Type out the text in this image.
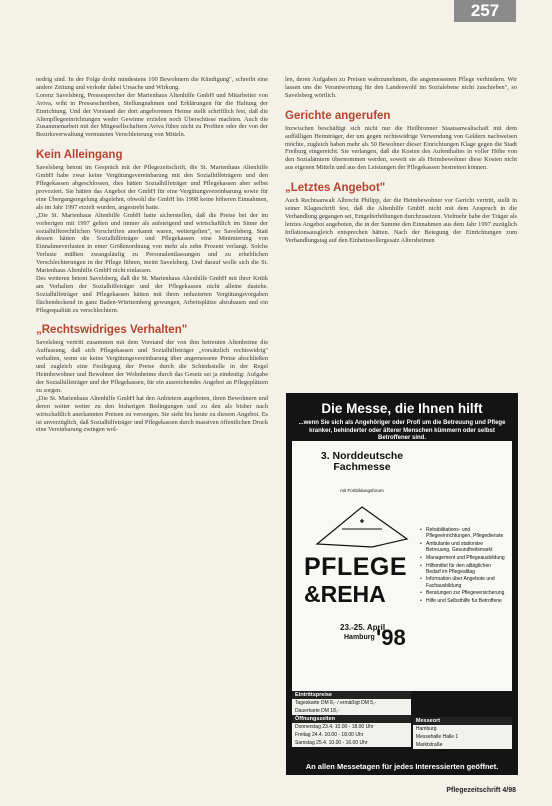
257

nedrig sind. In der Folge droht mindestens 100 Bewohnern die Kündigung", schreibt eine andere Zeitung und verkohr dabei Ursache und Wirkung.

Lorenz Savelsberg, Pressesprecher der Marienhaus Altenhilfe GmbH und Mitarbeiter von Aviva, wiht in Presseschreiben, Stellungnahmen und Erklärungen für die Haltung der Einrichtung. Und der Vorstand der dort angeborenen Heime stellt schriftlich fest, daß die Altenpflegeeinrichtungen weder Gewinne erzielen noch Überschüsse machten. Auch die Zusammenarbeit mit der Mitgesellschaftern Aviva führe nicht zu Profiten oder der von der Bezirksverwaltung vermuteten Verschleierung von Mitteln.

Kein Alleingang

Savelsberg betont im Gespräch mit der Pflegezeitschrift, die St. Marienhaus Altenhilfe GmbH habe zwar keine Vergütungsvereinbarung mit den Sozialhilfeträgern und den Pflegekassen abgeschlossen, dies hätten Sozialhilfeträger und Pflegekassen aber selbst provoziert. Sie hätten das Angebot der GmbH für eine Vergütungsvereinbarung sowie für eine Übergangsregelung abgelehnt, obwohl die GmbH bis 1998 keine höheren Einnahmen, als im Jahr 1997 erzielt wurden, angestrebt hatte.

„Die St. Marienhaus Altenhilfe GmbH hatte sicherstellen, daß die Preise bei der im vorherigen mit 1997 gelten und immer als aufsteigend und wirtschaftlich im Sinne der sozialhilferechtlichen Vorschriften anerkannt waren, weitergelten", so Savelsberg. Statt dessen hätten die Sozialhilfeträger und Pflegekassen eine Minimierung von Einnahmeverlusten in einer Größenordnung von mehr als zehn Prozent verlangt. Solche Verluste müßten zwangsläufig zu Personalentlassungen und zu erheblichen Verschlechterungen in der Pflege führen, meint Savelsberg. Und darauf wolle sich die St. Marienhaus Altenhilfe GmbH nicht einlassen.

Des weiteren betont Savelsberg, daß die St. Marienhaus Altenhilfe GmbH mit ihrer Kritik am Verhalten der Sozialhilfeträger und der Pflegekassen nicht alleine dastehe. Sozialhilfeträger und Pflegekassen hätten mit ihren reduzierten Vergütungsvorgaben flächendeckend in ganz Baden-Württemberg gewungen, Arbeitsplätze abzubauen und ein Pflegequalität zu verschlechtern.

„Rechtswidriges Verhalten"

Savelsberg vertritt zusammen mit dem Vorstand der von ihm betreuten Altenheime die Auffassung, daß sich Pflegekassen und Sozialhilfeträger „vorsätzlich rechtswidrig" verhalten, wenn sie keine Vergütungsvereinbarung über angemessene Preise abschließen und zugleich eine Festlegung der Preise durch die Schiedsstelle in der Regel Heimbewohner und Bewohner der Wohnheime durch das Gesetz sei ja eindeutig: Aufgabe der Sozialhilfeträger und der Pflegekassen, für ein ausreichendes Angebot an Pflegeplätzen zu sorgen.

„Die St. Marienhaus Altenhilfe GmbH hat den Anbietern angeboten, ihren Bewohnern und deren weiter weiter zu den bisherigen Bedingungen und zu den als bisher nach wirtschaftlich anerkannten Preisen zu versorgen. Sie sieht bis heute zu diesem Angebot. Es ist unverzüglich, daß Sozialhilfeträger und Pflegekassen durch massiven öffentlichen Druck eine Vereinbarung zwingen wol-

len, deren Aufgaben zu Preisen wahrzunehmen, die angemessenen Pflege verhindern. Wir lassen uns die Verantwortung für den Landeswohl im Sozialebene nicht zuschieben", so Savelsberg wörtlich.

Gerichte angerufen

Inzwischen beschäftigt sich nicht nur die Heilbronner Staatsanwaltschaft mit dem auffälligen Heimträger, der um gegen rechtswidrige Verwendung von Geldern nachweisen möchte, zugleich haben mehr als 50 Bewohner dieser Einrichtungen Klage gegen die Stadt Freiburg eingereicht. Sie verlangen, daß die Kosten des Aufenthaltes in voller Höhe von den Sozialämtern übernommen werden, soweit sie als Heimbewohner diese Kosten nicht aus eigenen Mitteln und aus den Leistungen der Pflegekassen bestreiten können.

„Letztes Angebot"

Auch Rechtsanwalt Albrecht Philipp, der die Heimbewohner vor Gericht vertritt, stellt in seiner Klageschrift fest, daß die Altenhilfe GmbH nicht mit dem Anspruch in die Verhandlung gegangen sei, Entgelterhöhungen durchzusetzen. Vielmehr habe der Träger als letztes Angebot angeboten, die in der Summe den Einnahmen aus dem Jahr 1997 zuzüglich Inflationsausgleich entsprechen hätten. Nach der Beiegung der Einrichtungen zum Verhandlungstag auf den Einheitssollergesatz Altersheimen

Die Messe, die Ihnen hilft
...wenn Sie sich als Angehöriger oder Profi um die Betreuung und Pflege kranker, behinderter oder älterer Menschen kümmern oder selbst Betroffener sind.
3. Norddeutsche Fachmesse
mit Fortbildungsforum
PFLEGE
&REHA
23.-25. April
Hamburg '98
• Rehabilitations- und Pflegeeinrichtungen, Pflegedienste
• Ambulante und stationäre Betreuung, Gesundheitsmarkt
• Management und Pflegeausbildung
• Hilfsmittel für den alltäglichen Bedarf im Pflegealltag
• Information über Angebote und Fachausbildung
• Beratungen zur Pflegeversicherung
• Hilfe und Selbsthilfe für Betroffene
Eintrittspreise
Tageskarte DM 8,- / ermäßigt DM 5,-
Dauerkarte DM 18,-
Öffnungszeiten
Donnerstag 23.4. 10.00 - 18.00 Uhr
Freitag 24.4. 10.00 - 18.00 Uhr
Samstag 25.4. 10.00 - 16.00 Uhr
Messeort
Hamburg
Messehalle Halle 1
Marktstraße
An allen Messetagen für jedes Interessierten geöffnet.
Pflegezeitschrift 4/98
